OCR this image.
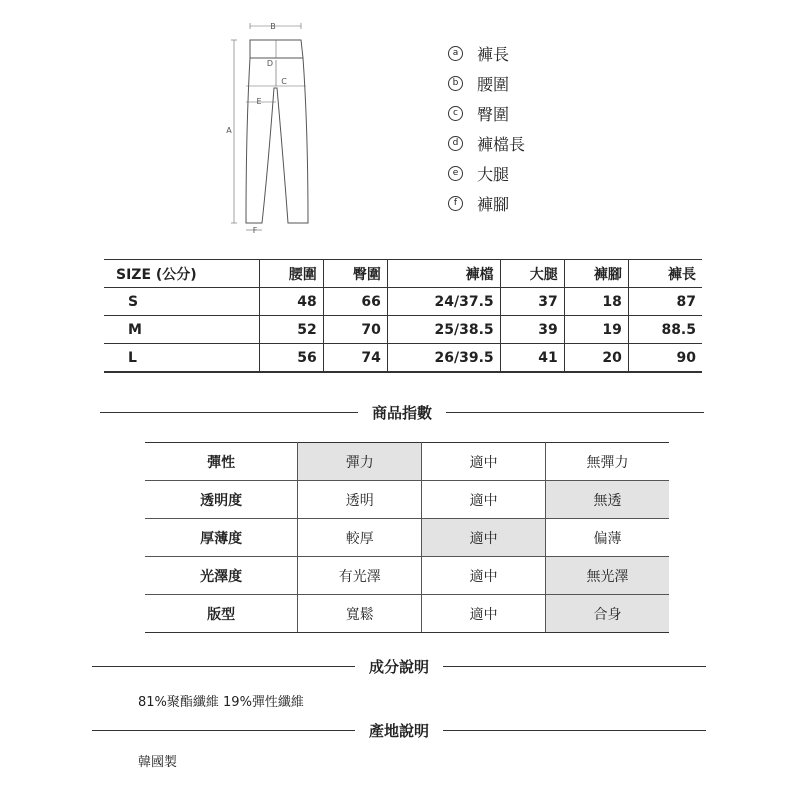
B
A
D
C
E
F
a 褲長
b 腰圍
c	臀圍
d 褲檔長
e 大腿
f	褲腳
SIZE (公分)	腰圍	臀圍	褲檔	大腿	褲腳	褲長
S	48	66	24/37.5	37	18	87
M	52	70	25/38.5	39	19	88.5
L	56	74	26/39.5	41	20	90
商品指數
彈性	彈力	適中	無彈力
透明度	透明	適中	無透
厚薄度	較厚	適中	偏薄
光澤度	有光澤	適中	無光澤
版型	寬鬆	適中	合身
成分說明
81%聚酯纖維 19%彈性纖維
產地說明
韓國製
